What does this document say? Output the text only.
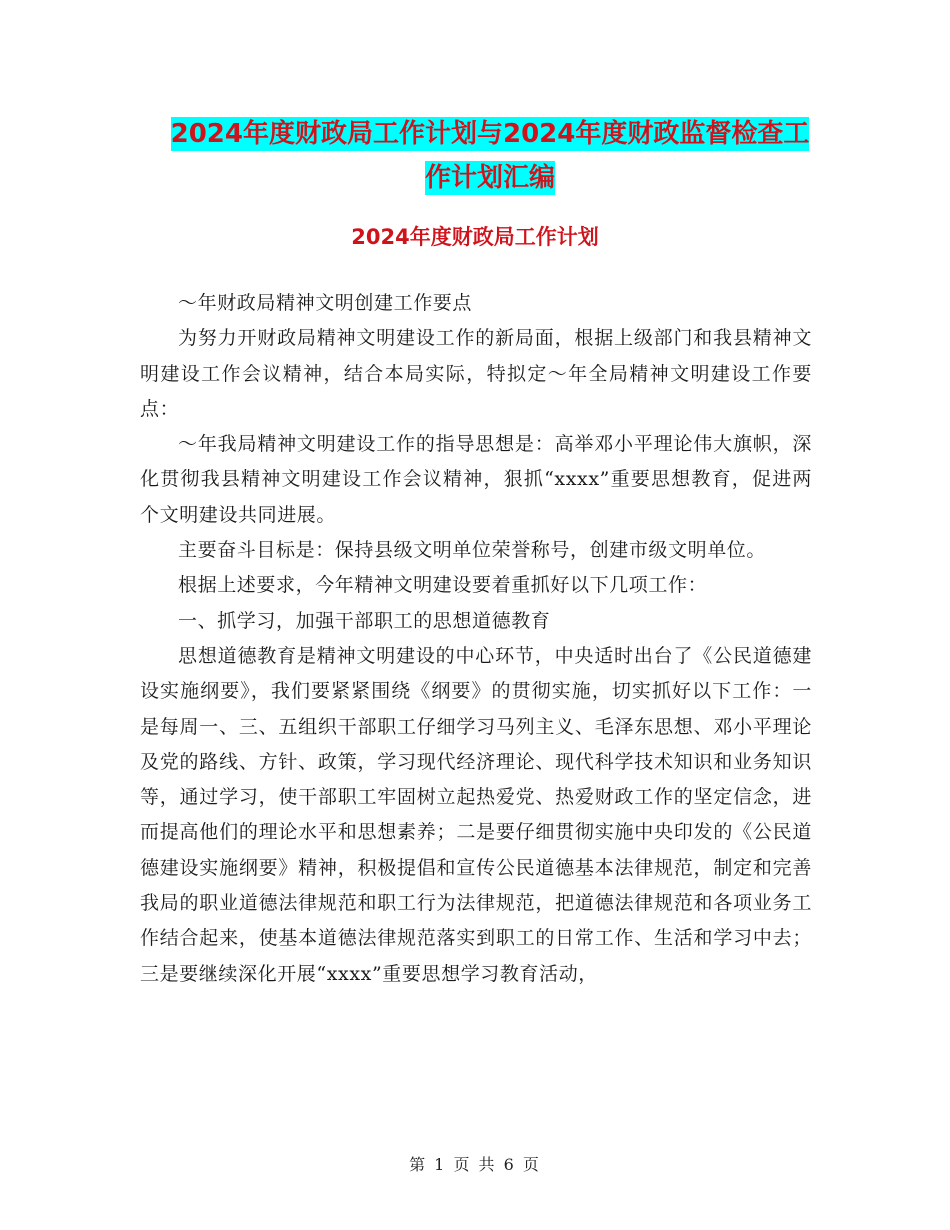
2024年度财政局工作计划与2024年度财政监督检查工
作计划汇编
2024年度财政局工作计划

～年财政局精神文明创建工作要点

为努力开财政局精神文明建设工作的新局面，根据上级部门和我县精神文明建设工作会议精神，结合本局实际，特拟定～年全局精神文明建设工作要点：

～年我局精神文明建设工作的指导思想是：高举邓小平理论伟大旗帜，深化贯彻我县精神文明建设工作会议精神，狠抓“xxxx”重要思想教育，促进两个文明建设共同进展。

主要奋斗目标是：保持县级文明单位荣誉称号，创建市级文明单位。

根据上述要求，今年精神文明建设要着重抓好以下几项工作：

一、抓学习，加强干部职工的思想道德教育

思想道德教育是精神文明建设的中心环节，中央适时出台了《公民道德建设实施纲要》，我们要紧紧围绕《纲要》的贯彻实施，切实抓好以下工作：一是每周一、三、五组织干部职工仔细学习马列主义、毛泽东思想、邓小平理论及党的路线、方针、政策，学习现代经济理论、现代科学技术知识和业务知识等，通过学习，使干部职工牢固树立起热爱党、热爱财政工作的坚定信念，进而提高他们的理论水平和思想素养；二是要仔细贯彻实施中央印发的《公民道德建设实施纲要》精神，积极提倡和宣传公民道德基本法律规范，制定和完善我局的职业道德法律规范和职工行为法律规范，把道德法律规范和各项业务工作结合起来，使基本道德法律规范落实到职工的日常工作、生活和学习中去；三是要继续深化开展“xxxx”重要思想学习教育活动，

第 1 页 共 6 页
